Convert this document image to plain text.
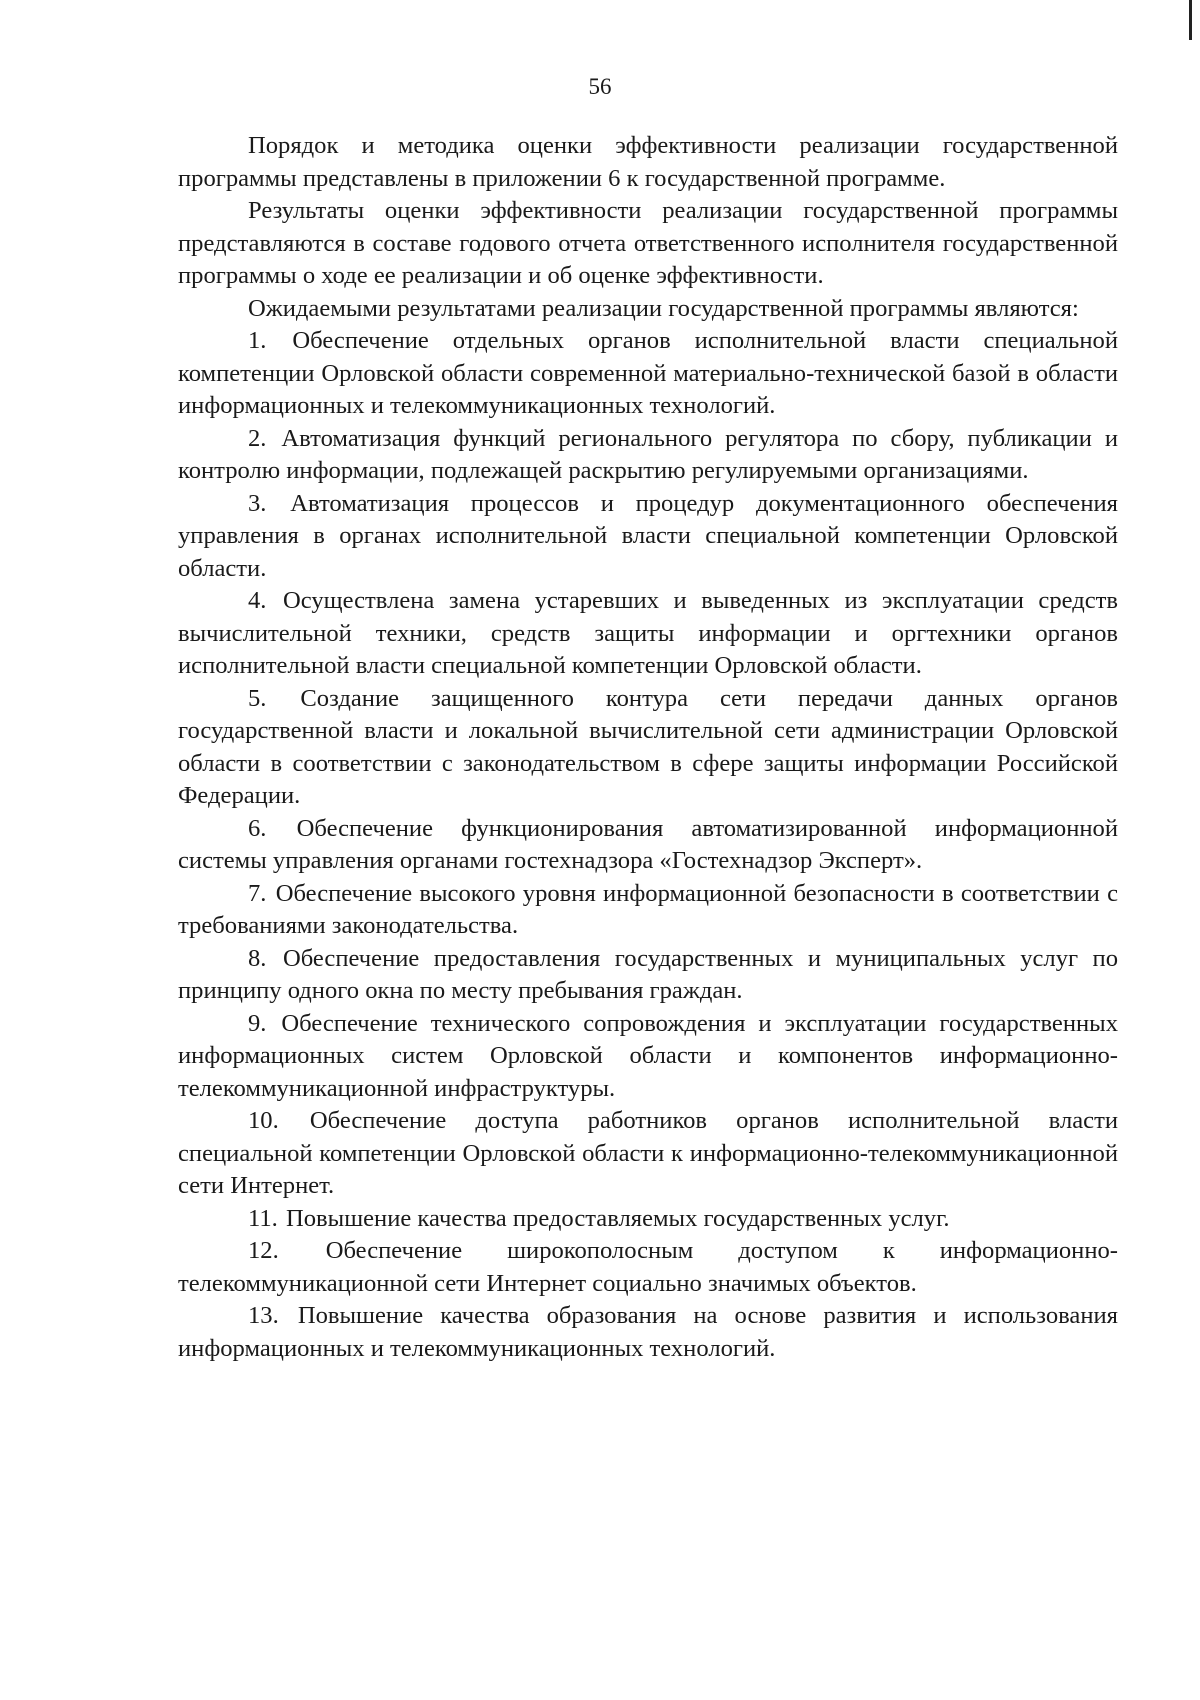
56

Порядок и методика оценки эффективности реализации государственной программы представлены в приложении 6 к государственной программе.

Результаты оценки эффективности реализации государственной программы представляются в составе годового отчета ответственного исполнителя государственной программы о ходе ее реализации и об оценке эффективности.

Ожидаемыми результатами реализации государственной программы являются:

1. Обеспечение отдельных органов исполнительной власти специальной компетенции Орловской области современной материально-технической базой в области информационных и телекоммуникационных технологий.

2. Автоматизация функций регионального регулятора по сбору, публикации и контролю информации, подлежащей раскрытию регулируемыми организациями.

3. Автоматизация процессов и процедур документационного обеспечения управления в органах исполнительной власти специальной компетенции Орловской области.

4. Осуществлена замена устаревших и выведенных из эксплуатации средств вычислительной техники, средств защиты информации и оргтехники органов исполнительной власти специальной компетенции Орловской области.

5. Создание защищенного контура сети передачи данных органов государственной власти и локальной вычислительной сети администрации Орловской области в соответствии с законодательством в сфере защиты информации Российской Федерации.

6. Обеспечение функционирования автоматизированной информационной системы управления органами гостехнадзора «Гостехнадзор Эксперт».

7. Обеспечение высокого уровня информационной безопасности в соответствии с требованиями законодательства.

8. Обеспечение предоставления государственных и муниципальных услуг по принципу одного окна по месту пребывания граждан.

9. Обеспечение технического сопровождения и эксплуатации государственных информационных систем Орловской области и компонентов информационно-телекоммуникационной инфраструктуры.

10. Обеспечение доступа работников органов исполнительной власти специальной компетенции Орловской области к информационно-телекоммуникационной сети Интернет.

11. Повышение качества предоставляемых государственных услуг.

12. Обеспечение широкополосным доступом к информационно-телекоммуникационной сети Интернет социально значимых объектов.

13. Повышение качества образования на основе развития и использования информационных и телекоммуникационных технологий.
